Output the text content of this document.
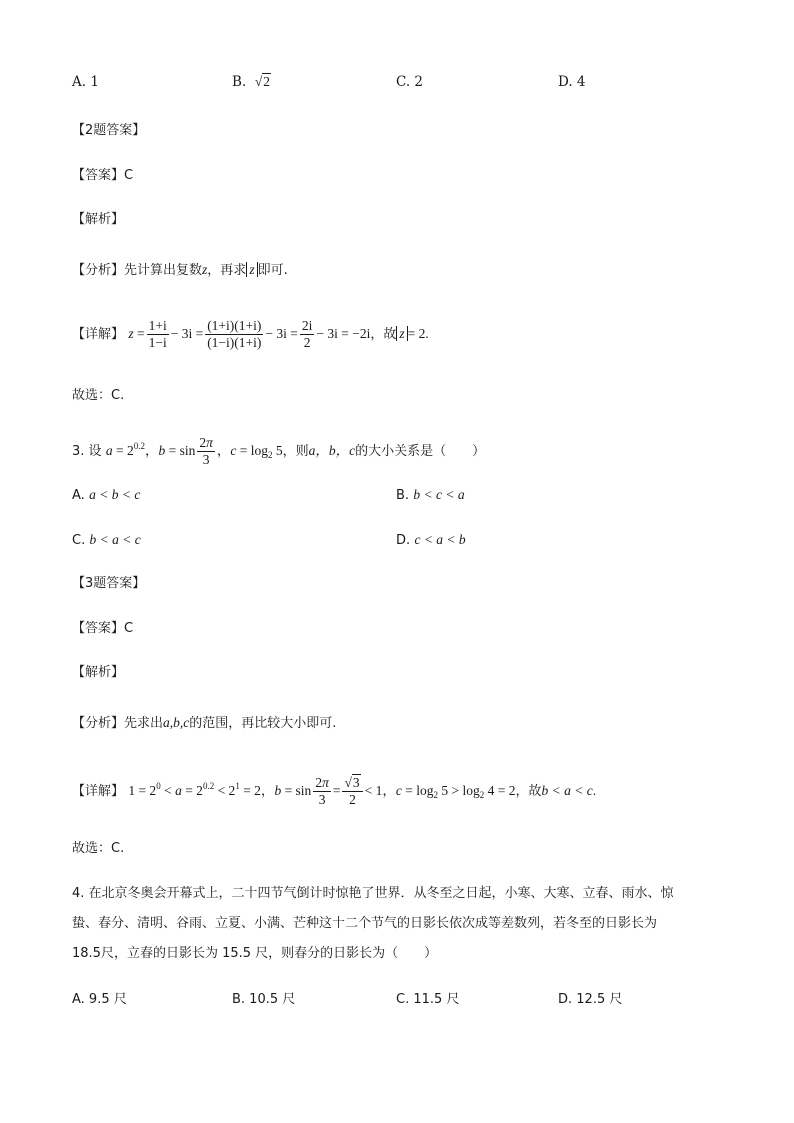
A. 1	B. √2	C. 2	D. 4
【2题答案】
【答案】C
【解析】
【分析】先计算出复数z，再求 z 即可.
【详解】 $z = \frac{1+i}{1-i} - 3i = \frac{(1+i)(1+i)}{(1-i)(1+i)} - 3i = \frac{2i}{2} - 3i = -2i$，故 z = 2.
故选：C.
3. 设 $a = 2^{0.2}$，$b = \sin \frac{2\pi}{3}$ ，$c = \log_2 5$，则a，b，c的大小关系是（　　）
A. a < b < c	B. b < c < a
C. b < a < c	D. c < a < b
【3题答案】
【答案】C
【解析】
【分析】先求出a,b,c的范围，再比较大小即可.
【详解】 $1 = 2^0 < a = 2^{0.2} < 2^1 = 2$，$b = \sin \frac{2\pi}{3} = \frac{√3}{2} < 1$，$c = \log_2 5 > \log_2 4 = 2$，故b < a < c.
故选：C.
4. 在北京冬奥会开幕式上，二十四节气倒计时惊艳了世界．从冬至之日起，小寒、大寒、立春、雨水、惊
蛰、春分、清明、谷雨、立夏、小满、芒种这十二个节气的日影长依次成等差数列，若冬至的日影长为
18.5尺，立春的日影长为 15.5 尺，则春分的日影长为（　　）
A. 9.5 尺	B. 10.5 尺	C. 11.5 尺	D. 12.5 尺
